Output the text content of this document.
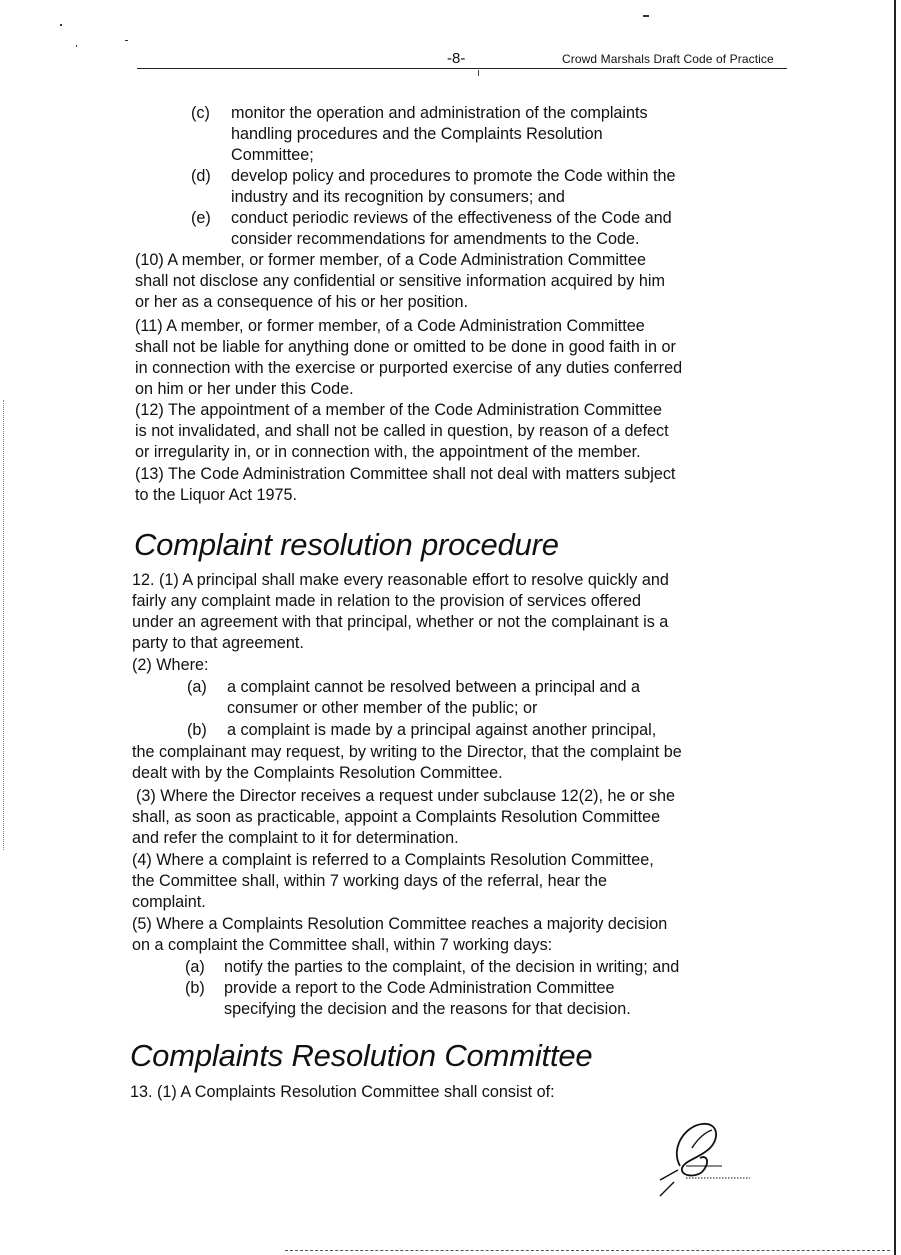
-8-	Crowd Marshals Draft Code of Practice
(c) monitor the operation and administration of the complaints
handling procedures and the Complaints Resolution
Committee;
(d) develop policy and procedures to promote the Code within the
industry and its recognition by consumers; and
(e) conduct periodic reviews of the effectiveness of the Code and
consider recommendations for amendments to the Code.
(10) A member, or former member, of a Code Administration Committee
shall not disclose any confidential or sensitive information acquired by him
or her as a consequence of his or her position.
(11) A member, or former member, of a Code Administration Committee
shall not be liable for anything done or omitted to be done in good faith in or
in connection with the exercise or purported exercise of any duties conferred
on him or her under this Code.
(12) The appointment of a member of the Code Administration Committee
is not invalidated, and shall not be called in question, by reason of a defect
or irregularity in, or in connection with, the appointment of the member.
(13) The Code Administration Committee shall not deal with matters subject
to the Liquor Act 1975.
Complaint resolution procedure
12. (1) A principal shall make every reasonable effort to resolve quickly and
fairly any complaint made in relation to the provision of services offered
under an agreement with that principal, whether or not the complainant is a
party to that agreement.
(2) Where:
(a) a complaint cannot be resolved between a principal and a
consumer or other member of the public; or
(b) a complaint is made by a principal against another principal,
the complainant may request, by writing to the Director, that the complaint be
dealt with by the Complaints Resolution Committee.
(3) Where the Director receives a request under subclause 12(2), he or she
shall, as soon as practicable, appoint a Complaints Resolution Committee
and refer the complaint to it for determination.
(4) Where a complaint is referred to a Complaints Resolution Committee,
the Committee shall, within 7 working days of the referral, hear the
complaint.
(5) Where a Complaints Resolution Committee reaches a majority decision
on a complaint the Committee shall, within 7 working days:
(a) notify the parties to the complaint, of the decision in writing; and
(b) provide a report to the Code Administration Committee
specifying the decision and the reasons for that decision.
Complaints Resolution Committee
13. (1) A Complaints Resolution Committee shall consist of:
